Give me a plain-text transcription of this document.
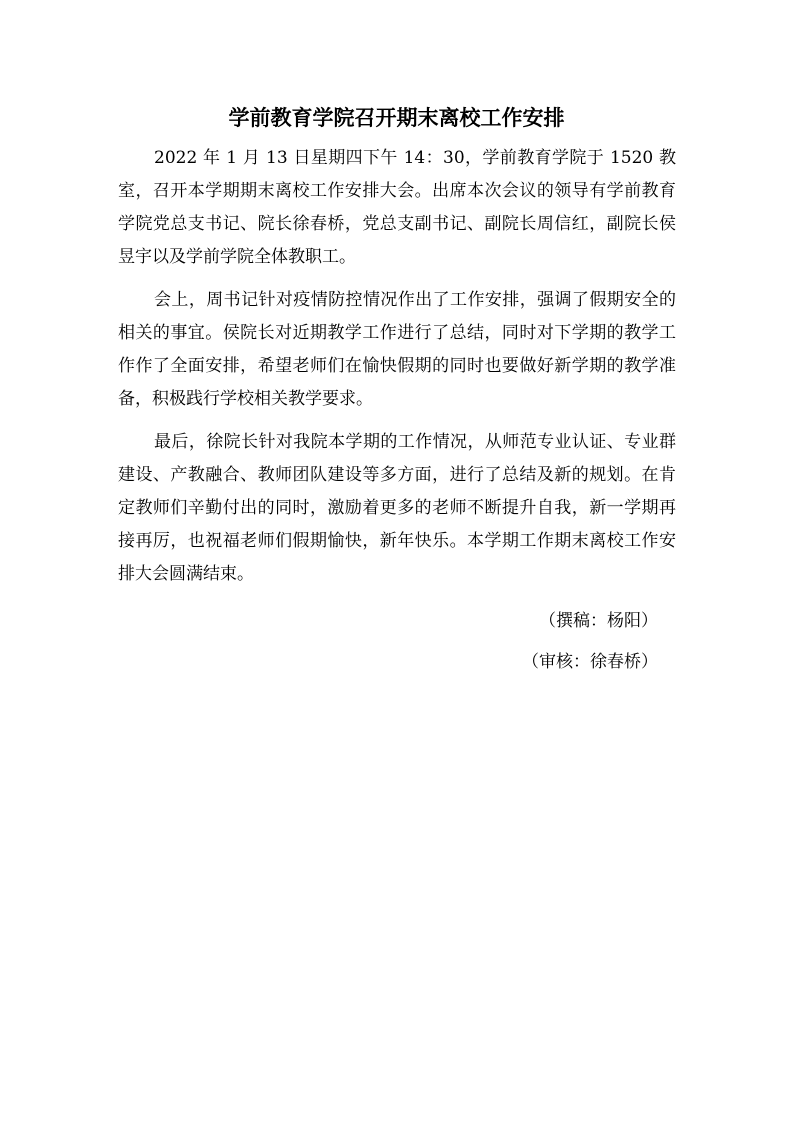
学前教育学院召开期末离校工作安排

2022 年 1 月 13 日星期四下午 14：30，学前教育学院于 1520 教室，召开本学期期末离校工作安排大会。出席本次会议的领导有学前教育学院党总支书记、院长徐春桥，党总支副书记、副院长周信红，副院长侯昱宇以及学前学院全体教职工。

会上，周书记针对疫情防控情况作出了工作安排，强调了假期安全的相关的事宜。侯院长对近期教学工作进行了总结，同时对下学期的教学工作作了全面安排，希望老师们在愉快假期的同时也要做好新学期的教学准备，积极践行学校相关教学要求。

最后，徐院长针对我院本学期的工作情况，从师范专业认证、专业群建设、产教融合、教师团队建设等多方面，进行了总结及新的规划。在肯定教师们辛勤付出的同时，激励着更多的老师不断提升自我，新一学期再接再厉，也祝福老师们假期愉快，新年快乐。本学期工作期末离校工作安排大会圆满结束。

（撰稿：杨阳）

（审核：徐春桥）
